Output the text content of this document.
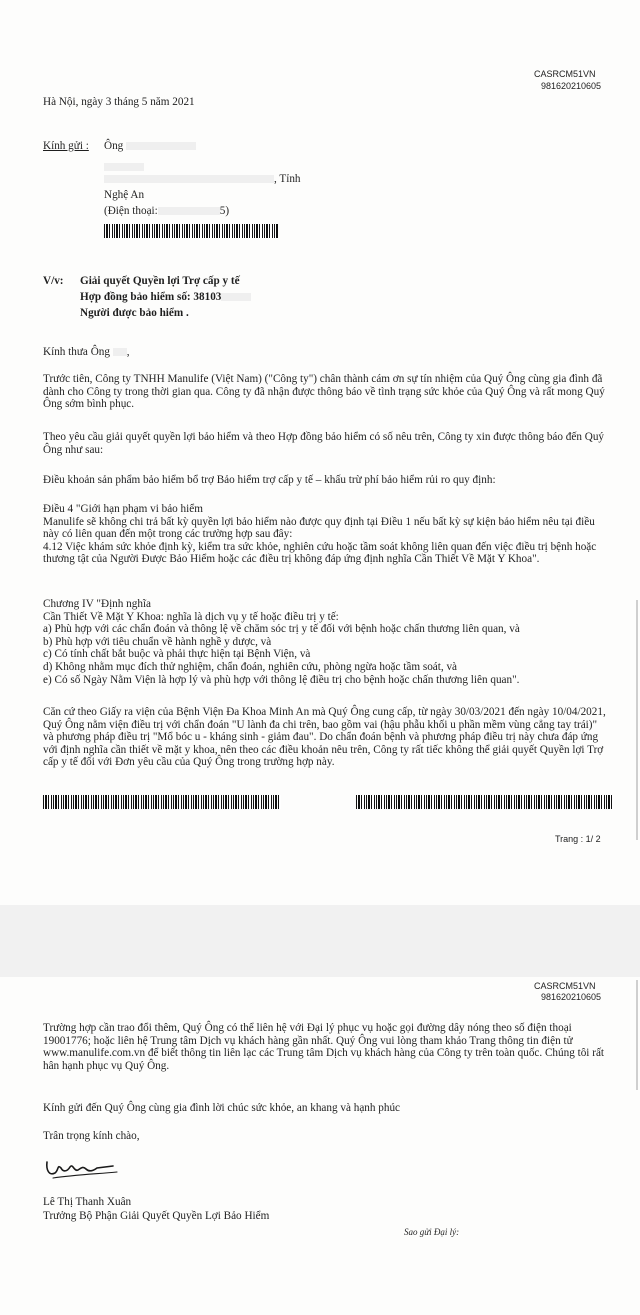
CASRCM51VN
981620210605
Hà Nội, ngày 3 tháng 5 năm 2021
Kính gửi : Ông
, Tỉnh
Nghệ An
(Điện thoại:	5)
V/v: Giải quyết Quyền lợi Trợ cấp y tế
Hợp đồng bảo hiểm số: 38103
Người được bảo hiểm .
Kính thưa Ông ,

Trước tiên, Công ty TNHH Manulife (Việt Nam) ("Công ty") chân thành cám ơn sự tín nhiệm của Quý Ông cùng gia đình đã dành cho Công ty trong thời gian qua. Công ty đã nhận được thông báo về tình trạng sức khỏe của Quý Ông và rất mong Quý Ông sớm bình phục.

Theo yêu cầu giải quyết quyền lợi bảo hiểm và theo Hợp đồng bảo hiểm có số nêu trên, Công ty xin được thông báo đến Quý Ông như sau:

Điều khoản sản phẩm bảo hiểm bổ trợ Bảo hiểm trợ cấp y tế – khấu trừ phí bảo hiểm rủi ro quy định:

Điều 4 "Giới hạn phạm vi bảo hiểm

Manulife sẽ không chi trả bất kỳ quyền lợi bảo hiểm nào được quy định tại Điều 1 nếu bất kỳ sự kiện bảo hiểm nêu tại điều này có liên quan đến một trong các trường hợp sau đây:

4.12 Việc khám sức khỏe định kỳ, kiểm tra sức khỏe, nghiên cứu hoặc tầm soát không liên quan đến việc điều trị bệnh hoặc thương tật của Người Được Bảo Hiểm hoặc các điều trị không đáp ứng định nghĩa Cần Thiết Về Mặt Y Khoa".

Chương IV "Định nghĩa

Cần Thiết Về Mặt Y Khoa: nghĩa là dịch vụ y tế hoặc điều trị y tế:

a) Phù hợp với các chẩn đoán và thông lệ về chăm sóc trị y tế đối với bệnh hoặc chấn thương liên quan, và

b) Phù hợp với tiêu chuẩn về hành nghề y dược, và

c) Có tính chất bắt buộc và phải thực hiện tại Bệnh Viện, và

d) Không nhằm mục đích thử nghiệm, chẩn đoán, nghiên cứu, phòng ngừa hoặc tầm soát, và

e) Có số Ngày Nằm Viện là hợp lý và phù hợp với thông lệ điều trị cho bệnh hoặc chấn thương liên quan".

Căn cứ theo Giấy ra viện của Bệnh Viện Đa Khoa Minh An mà Quý Ông cung cấp, từ ngày 30/03/2021 đến ngày 10/04/2021, Quý Ông nằm viện điều trị với chẩn đoán "U lành đa chi trên, bao gồm vai (hậu phẫu khối u phần mềm vùng cẳng tay trái)" và phương pháp điều trị "Mổ bóc u - kháng sinh - giảm đau". Do chẩn đoán bệnh và phương pháp điều trị này chưa đáp ứng với định nghĩa cần thiết về mặt y khoa, nên theo các điều khoản nêu trên, Công ty rất tiếc không thể giải quyết Quyền lợi Trợ cấp y tế đối với Đơn yêu cầu của Quý Ông trong trường hợp này.

Trang : 1/ 2
CASRCM51VN
981620210605

Trường hợp cần trao đổi thêm, Quý Ông có thể liên hệ với Đại lý phục vụ hoặc gọi đường dây nóng theo số điện thoại 19001776; hoặc liên hệ Trung tâm Dịch vụ khách hàng gần nhất. Quý Ông vui lòng tham khảo Trang thông tin điện tử www.manulife.com.vn để biết thông tin liên lạc các Trung tâm Dịch vụ khách hàng của Công ty trên toàn quốc. Chúng tôi rất hân hạnh phục vụ Quý Ông.

Kính gửi đến Quý Ông cùng gia đình lời chúc sức khỏe, an khang và hạnh phúc
Trân trọng kính chào,
Lê Thị Thanh Xuân
Trưởng Bộ Phận Giải Quyết Quyền Lợi Bảo Hiểm
Sao gửi Đại lý:
